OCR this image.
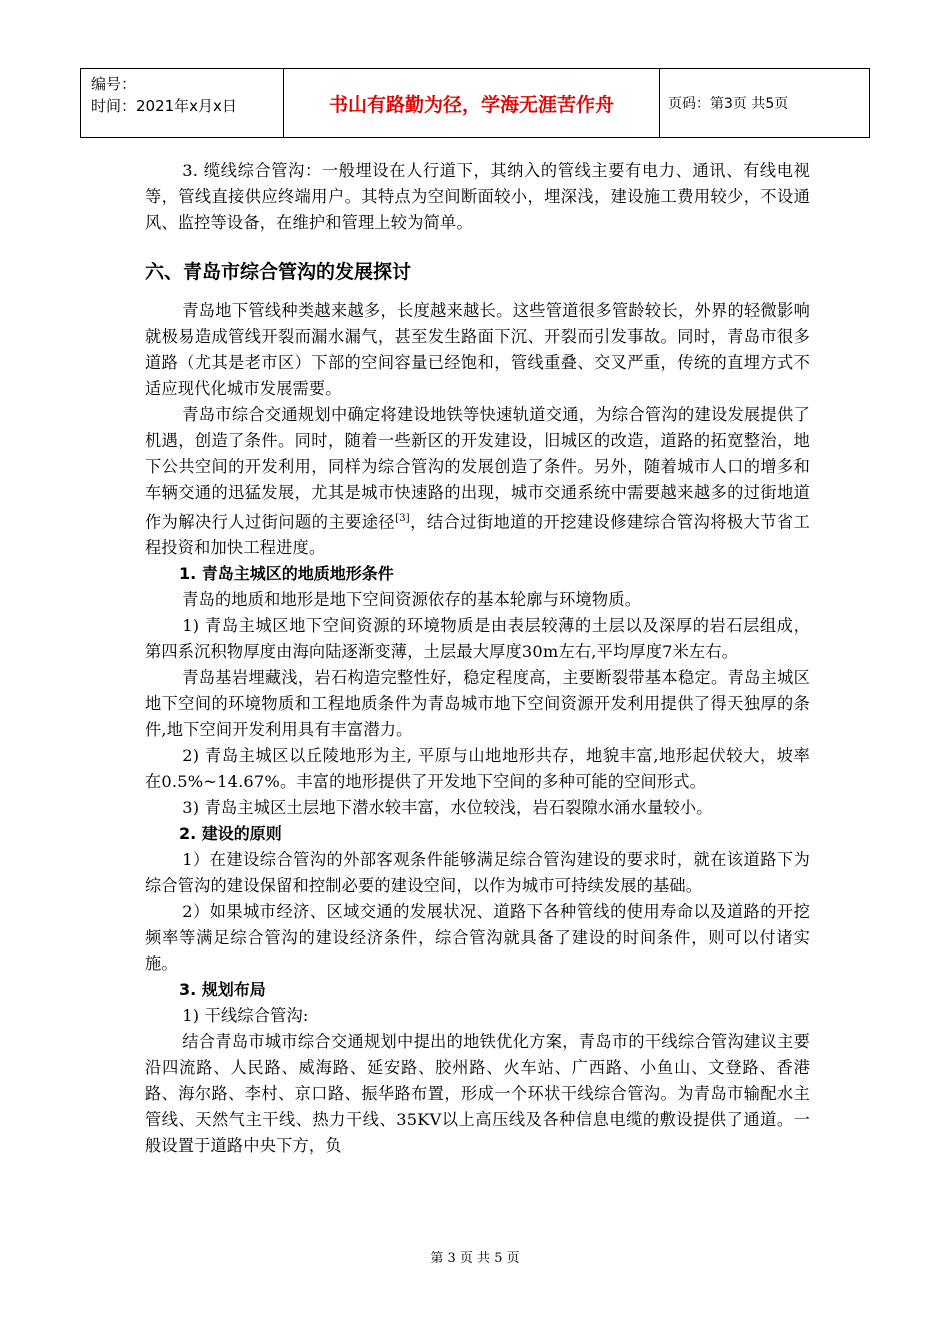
编号：
时间：2021年x月x日	书山有路勤为径，学海无涯苦作舟	页码：第3页 共5页

3. 缆线综合管沟：一般埋设在人行道下，其纳入的管线主要有电力、通讯、有线电视等，管线直接供应终端用户。其特点为空间断面较小，埋深浅，建设施工费用较少，不设通风、监控等设备，在维护和管理上较为简单。

六、青岛市综合管沟的发展探讨

青岛地下管线种类越来越多，长度越来越长。这些管道很多管龄较长，外界的轻微影响就极易造成管线开裂而漏水漏气，甚至发生路面下沉、开裂而引发事故。同时，青岛市很多道路（尤其是老市区）下部的空间容量已经饱和，管线重叠、交叉严重，传统的直埋方式不适应现代化城市发展需要。

青岛市综合交通规划中确定将建设地铁等快速轨道交通，为综合管沟的建设发展提供了机遇，创造了条件。同时，随着一些新区的开发建设，旧城区的改造，道路的拓宽整治，地下公共空间的开发利用，同样为综合管沟的发展创造了条件。另外，随着城市人口的增多和车辆交通的迅猛发展，尤其是城市快速路的出现，城市交通系统中需要越来越多的过街地道作为解决行人过街问题的主要途径[3]，结合过街地道的开挖建设修建综合管沟将极大节省工程投资和加快工程进度。

1. 青岛主城区的地质地形条件

青岛的地质和地形是地下空间资源依存的基本轮廓与环境物质。

1) 青岛主城区地下空间资源的环境物质是由表层较薄的土层以及深厚的岩石层组成，第四系沉积物厚度由海向陆逐渐变薄，土层最大厚度30m左右,平均厚度7米左右。

青岛基岩埋藏浅，岩石构造完整性好，稳定程度高，主要断裂带基本稳定。青岛主城区地下空间的环境物质和工程地质条件为青岛城市地下空间资源开发利用提供了得天独厚的条件,地下空间开发利用具有丰富潜力。

2) 青岛主城区以丘陵地形为主, 平原与山地地形共存，地貌丰富,地形起伏较大，坡率在0.5%~14.67%。丰富的地形提供了开发地下空间的多种可能的空间形式。

3) 青岛主城区土层地下潜水较丰富，水位较浅，岩石裂隙水涌水量较小。

2. 建设的原则

1）在建设综合管沟的外部客观条件能够满足综合管沟建设的要求时，就在该道路下为综合管沟的建设保留和控制必要的建设空间，以作为城市可持续发展的基础。

2）如果城市经济、区域交通的发展状况、道路下各种管线的使用寿命以及道路的开挖频率等满足综合管沟的建设经济条件，综合管沟就具备了建设的时间条件，则可以付诸实施。

3. 规划布局

1) 干线综合管沟:

结合青岛市城市综合交通规划中提出的地铁优化方案，青岛市的干线综合管沟建议主要沿四流路、人民路、威海路、延安路、胶州路、火车站、广西路、小鱼山、文登路、香港路、海尔路、李村、京口路、振华路布置，形成一个环状干线综合管沟。为青岛市输配水主管线、天然气主干线、热力干线、35KV以上高压线及各种信息电缆的敷设提供了通道。一般设置于道路中央下方，负

第 3 页 共 5 页
